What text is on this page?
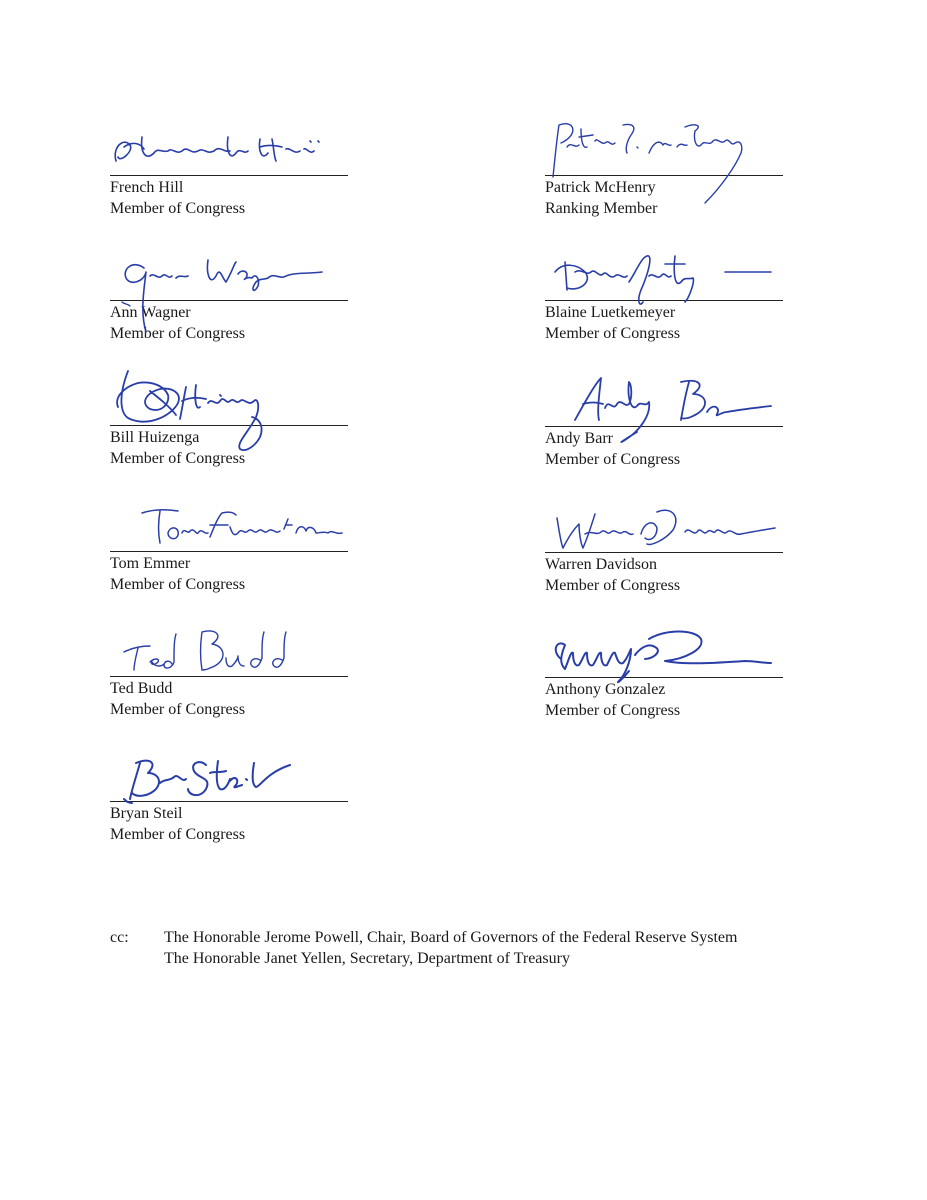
French Hill
Member of Congress
Patrick McHenry
Ranking Member
Ann Wagner
Member of Congress
Blaine Luetkemeyer
Member of Congress
Bill Huizenga
Member of Congress
Andy Barr
Member of Congress
Tom Emmer
Member of Congress
Warren Davidson
Member of Congress
Ted Budd
Member of Congress
Anthony Gonzalez
Member of Congress
Bryan Steil
Member of Congress
cc: The Honorable Jerome Powell, Chair, Board of Governors of the Federal Reserve System
The Honorable Janet Yellen, Secretary, Department of Treasury
